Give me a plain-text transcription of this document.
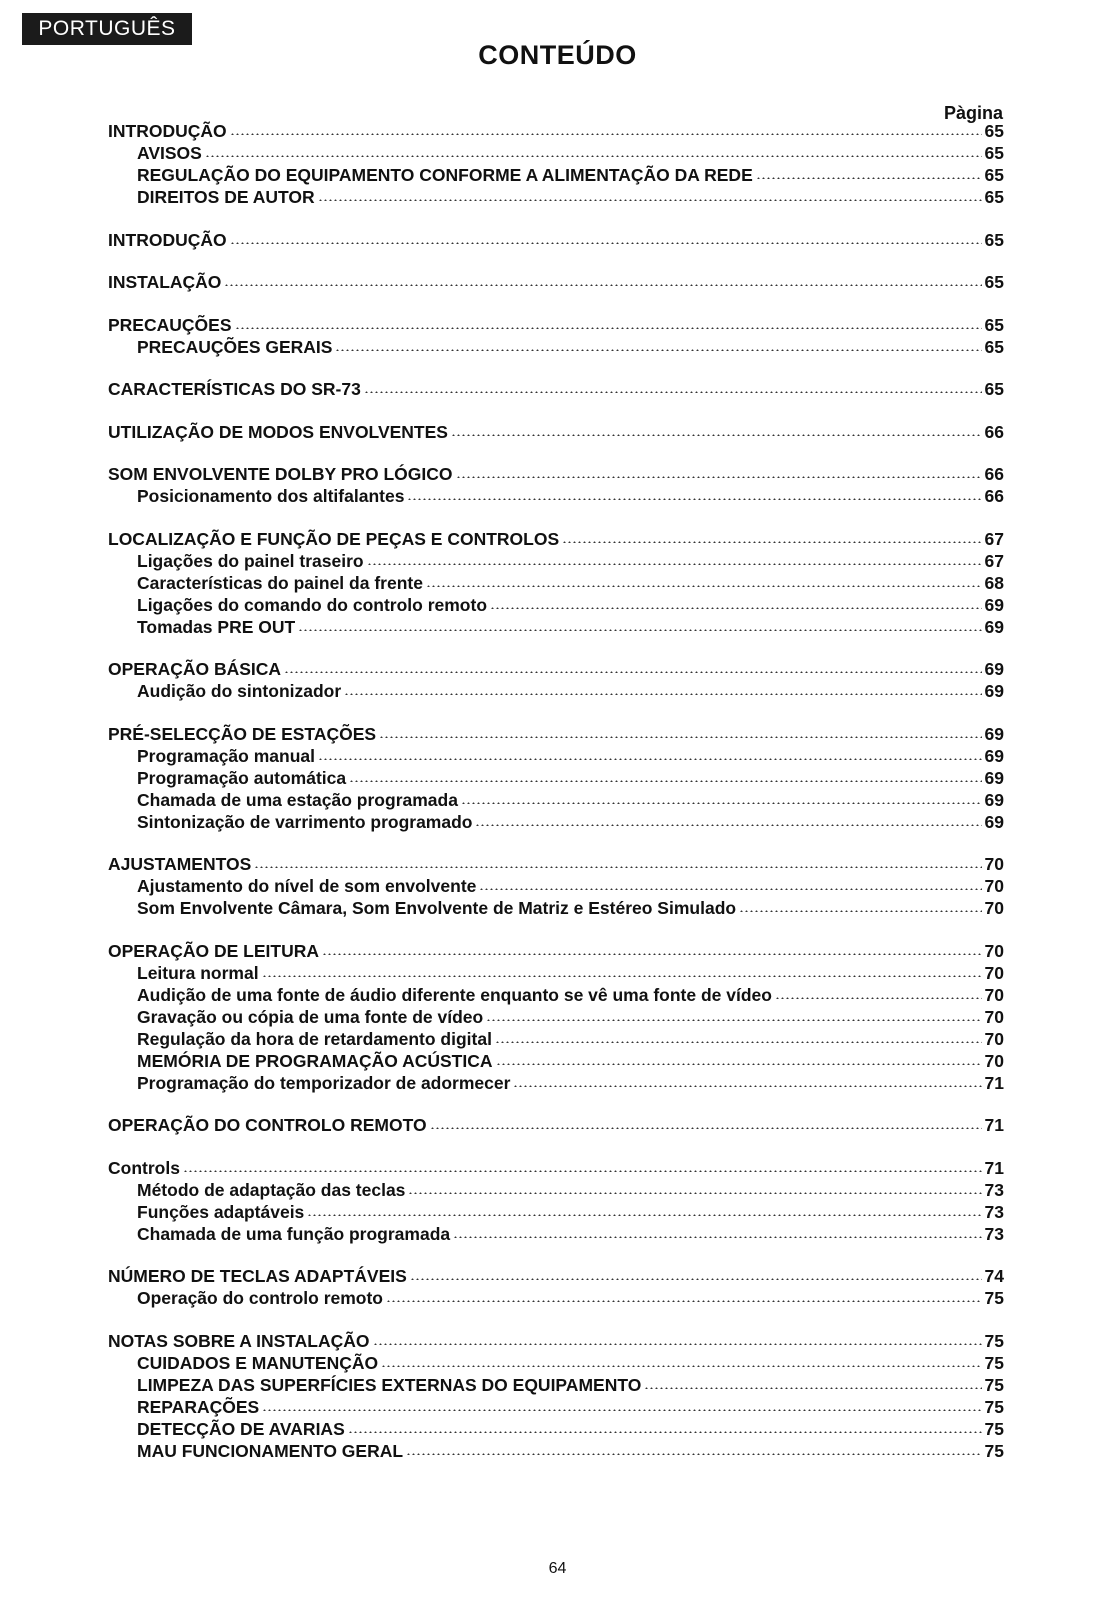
PORTUGUÊS
CONTEÚDO
Pàgina
INTRODUÇÃO	65
AVISOS	65
REGULAÇÃO DO EQUIPAMENTO CONFORME A ALIMENTAÇÃO DA REDE	65
DIREITOS DE AUTOR	65
INTRODUÇÃO	65
INSTALAÇÃO	65
PRECAUÇÕES	65
PRECAUÇÕES GERAIS	65
CARACTERÍSTICAS DO SR-73	65
UTILIZAÇÃO DE MODOS ENVOLVENTES	66
SOM ENVOLVENTE DOLBY PRO LÓGICO	66
Posicionamento dos altifalantes	66
LOCALIZAÇÃO E FUNÇÃO DE PEÇAS E CONTROLOS	67
Ligações do painel traseiro	67
Características do painel da frente	68
Ligações do comando do controlo remoto	69
Tomadas PRE OUT	69
OPERAÇÃO BÁSICA	69
Audição do sintonizador	69
PRÉ-SELECÇÃO DE ESTAÇÕES	69
Programação manual	69
Programação automática	69
Chamada de uma estação programada	69
Sintonização de varrimento programado	69
AJUSTAMENTOS	70
Ajustamento do nível de som envolvente	70
Som Envolvente Câmara, Som Envolvente de Matriz e Estéreo Simulado	70
OPERAÇÃO DE LEITURA	70
Leitura normal	70
Audição de uma fonte de áudio diferente enquanto se vê uma fonte de vídeo	70
Gravação ou cópia de uma fonte de vídeo	70
Regulação da hora de retardamento digital	70
MEMÓRIA DE PROGRAMAÇÃO ACÚSTICA	70
Programação do temporizador de adormecer	71
OPERAÇÃO DO CONTROLO REMOTO	71
Controls	71
Método de adaptação das teclas	73
Funções adaptáveis	73
Chamada de uma função programada	73
NÚMERO DE TECLAS ADAPTÁVEIS	74
Operação do controlo remoto	75
NOTAS SOBRE A INSTALAÇÃO	75
CUIDADOS E MANUTENÇÃO	75
LIMPEZA DAS SUPERFÍCIES EXTERNAS DO EQUIPAMENTO	75
REPARAÇÕES	75
DETECÇÃO DE AVARIAS	75
MAU FUNCIONAMENTO GERAL	75
64
